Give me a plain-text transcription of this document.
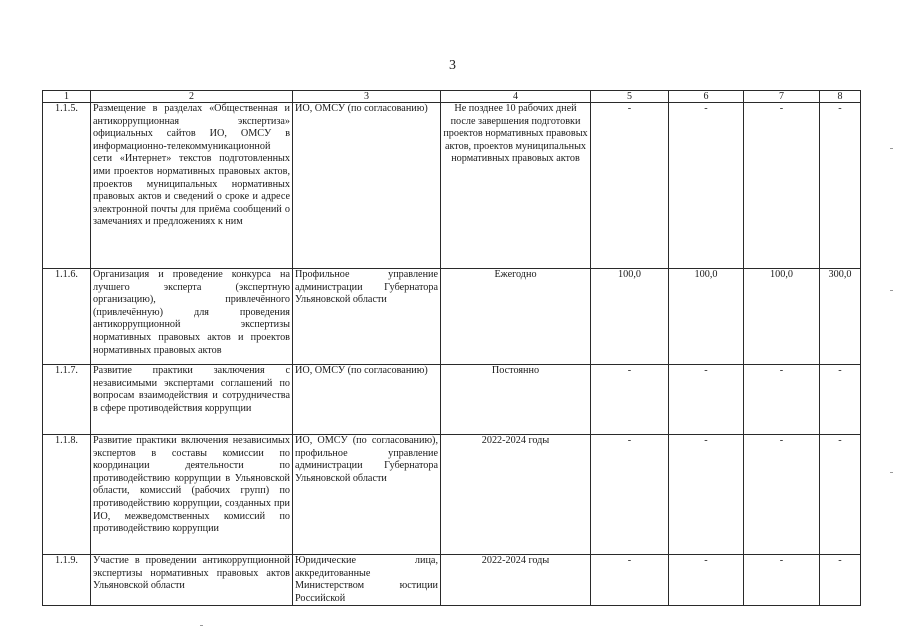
3
1	2	3	4	5	6	7	8
1.1.5.	Размещение в разделах «Общественная и антикоррупционная экспертиза» официальных сайтов ИО, ОМСУ в информационно-телекоммуникационной сети «Интернет» текстов подготовленных ими проектов нормативных правовых актов, проектов муниципальных нормативных правовых актов и сведений о сроке и адресе электронной почты для приёма сообщений о замечаниях и предложениях к ним	ИО, ОМСУ (по согласованию)	Не позднее 10 рабочих дней после завершения подготовки проектов нормативных правовых актов, проектов муниципальных нормативных правовых актов	-	-	-	-
1.1.6.	Организация и проведение конкурса на лучшего эксперта (экспертную организацию), привлечённого (привлечённую) для проведения антикоррупционной экспертизы нормативных правовых актов и проектов нормативных правовых актов	Профильное управление администрации Губернатора Ульяновской области	Ежегодно	100,0	100,0	100,0	300,0
1.1.7.	Развитие практики заключения с независимыми экспертами соглашений по вопросам взаимодействия и сотрудничества в сфере противодействия коррупции	ИО, ОМСУ (по согласованию)	Постоянно	-	-	-	-
1.1.8.	Развитие практики включения независимых экспертов в составы комиссии по координации деятельности по противодействию коррупции в Ульяновской области, комиссий (рабочих групп) по противодействию коррупции, созданных при ИО, межведомственных комиссий по противодействию коррупции	ИО, ОМСУ (по согласованию), профильное управление администрации Губернатора Ульяновской области	2022-2024 годы	-	-	-	-
1.1.9.	Участие в проведении антикоррупционной экспертизы нормативных правовых актов Ульяновской области	Юридические лица, аккредитованные Министерством юстиции Российской	2022-2024 годы	-	-	-	-
